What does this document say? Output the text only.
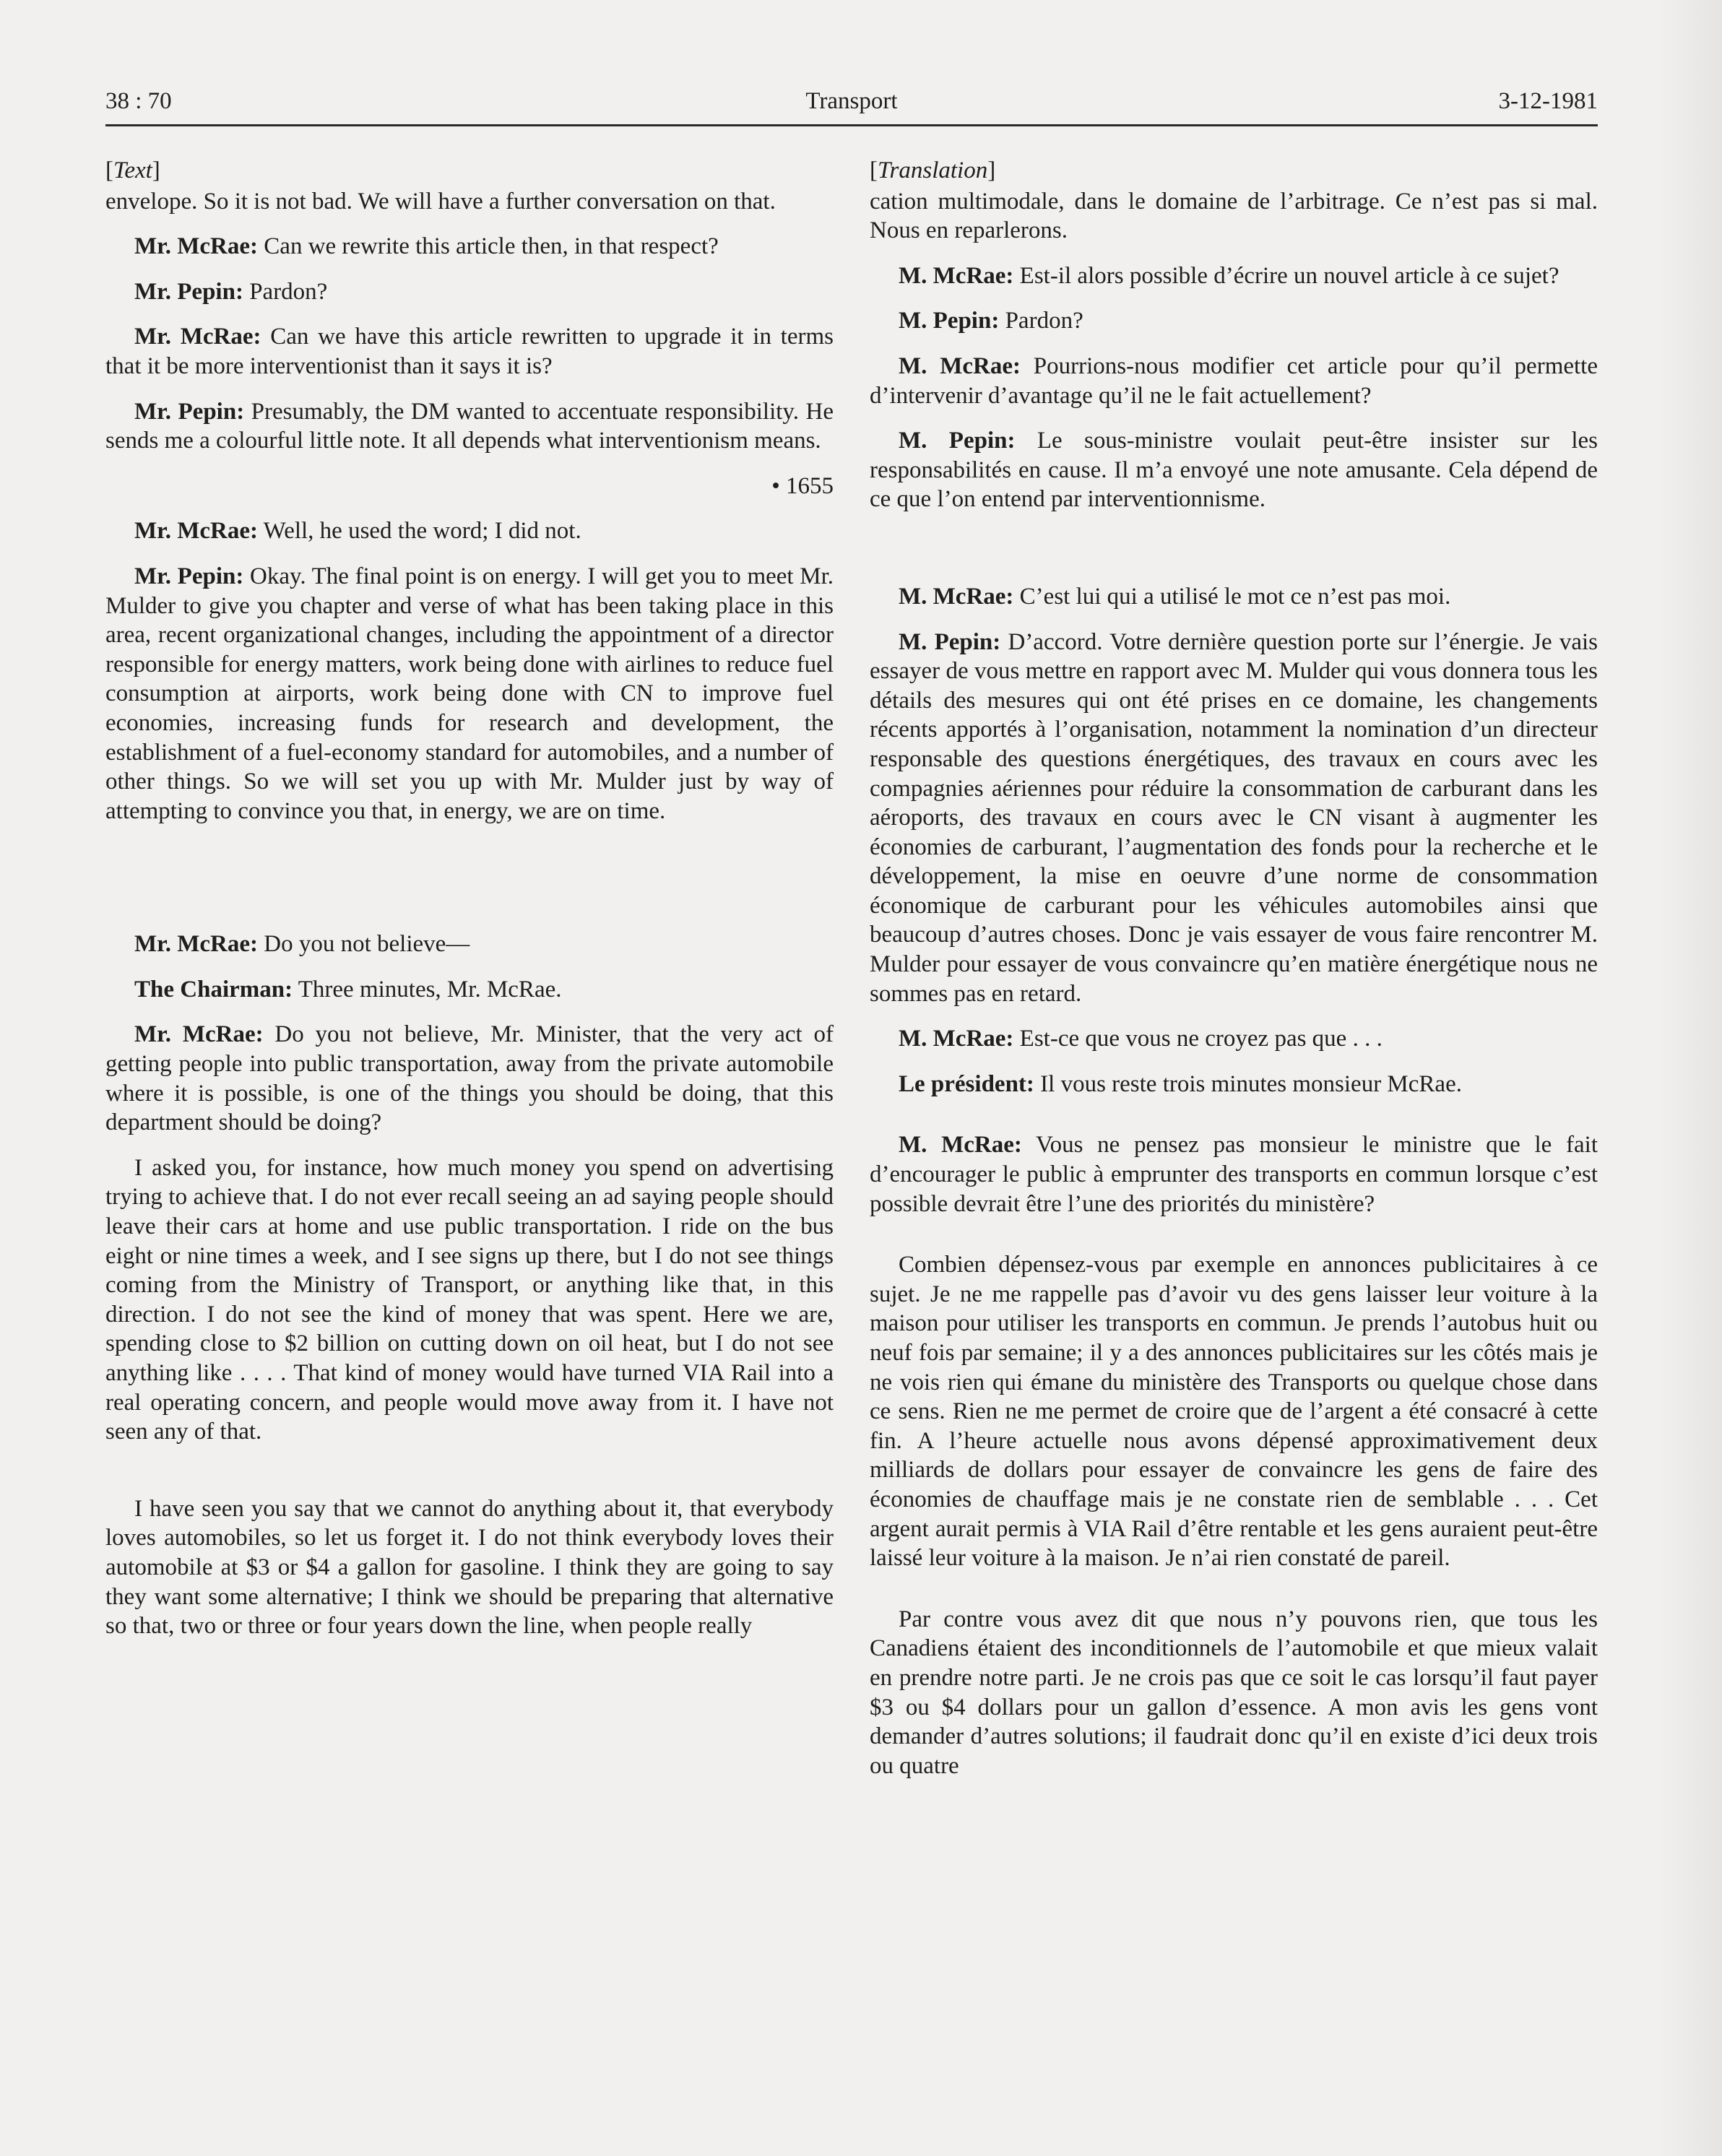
38 : 70	Transport	3-12-1981

[Text]

envelope. So it is not bad. We will have a further conversation on that.

Mr. McRae: Can we rewrite this article then, in that respect?

Mr. Pepin: Pardon?

Mr. McRae: Can we have this article rewritten to upgrade it in terms that it be more interventionist than it says it is?

Mr. Pepin: Presumably, the DM wanted to accentuate responsibility. He sends me a colourful little note. It all depends what interventionism means.

• 1655

Mr. McRae: Well, he used the word; I did not.

Mr. Pepin: Okay. The final point is on energy. I will get you to meet Mr. Mulder to give you chapter and verse of what has been taking place in this area, recent organizational changes, including the appointment of a director responsible for energy matters, work being done with airlines to reduce fuel consumption at airports, work being done with CN to improve fuel economies, increasing funds for research and development, the establishment of a fuel-economy standard for automobiles, and a number of other things. So we will set you up with Mr. Mulder just by way of attempting to convince you that, in energy, we are on time.

Mr. McRae: Do you not believe—

The Chairman: Three minutes, Mr. McRae.

Mr. McRae: Do you not believe, Mr. Minister, that the very act of getting people into public transportation, away from the private automobile where it is possible, is one of the things you should be doing, that this department should be doing?

I asked you, for instance, how much money you spend on advertising trying to achieve that. I do not ever recall seeing an ad saying people should leave their cars at home and use public transportation. I ride on the bus eight or nine times a week, and I see signs up there, but I do not see things coming from the Ministry of Transport, or anything like that, in this direction. I do not see the kind of money that was spent. Here we are, spending close to $2 billion on cutting down on oil heat, but I do not see anything like . . . . That kind of money would have turned VIA Rail into a real operating concern, and people would move away from it. I have not seen any of that.

I have seen you say that we cannot do anything about it, that everybody loves automobiles, so let us forget it. I do not think everybody loves their automobile at $3 or $4 a gallon for gasoline. I think they are going to say they want some alternative; I think we should be preparing that alternative so that, two or three or four years down the line, when people really

[Translation]

cation multimodale, dans le domaine de l’arbitrage. Ce n’est pas si mal. Nous en reparlerons.

M. McRae: Est-il alors possible d’écrire un nouvel article à ce sujet?

M. Pepin: Pardon?

M. McRae: Pourrions-nous modifier cet article pour qu’il permette d’intervenir d’avantage qu’il ne le fait actuellement?

M. Pepin: Le sous-ministre voulait peut-être insister sur les responsabilités en cause. Il m’a envoyé une note amusante. Cela dépend de ce que l’on entend par interventionnisme.

M. McRae: C’est lui qui a utilisé le mot ce n’est pas moi.

M. Pepin: D’accord. Votre dernière question porte sur l’énergie. Je vais essayer de vous mettre en rapport avec M. Mulder qui vous donnera tous les détails des mesures qui ont été prises en ce domaine, les changements récents apportés à l’organisation, notamment la nomination d’un directeur responsable des questions énergétiques, des travaux en cours avec les compagnies aériennes pour réduire la consommation de carburant dans les aéroports, des travaux en cours avec le CN visant à augmenter les économies de carburant, l’augmentation des fonds pour la recherche et le développement, la mise en oeuvre d’une norme de consommation économique de carburant pour les véhicules automobiles ainsi que beaucoup d’autres choses. Donc je vais essayer de vous faire rencontrer M. Mulder pour essayer de vous convaincre qu’en matière énergétique nous ne sommes pas en retard.

M. McRae: Est-ce que vous ne croyez pas que . . .

Le président: Il vous reste trois minutes monsieur McRae.

M. McRae: Vous ne pensez pas monsieur le ministre que le fait d’encourager le public à emprunter des transports en commun lorsque c’est possible devrait être l’une des priorités du ministère?

Combien dépensez-vous par exemple en annonces publicitaires à ce sujet. Je ne me rappelle pas d’avoir vu des gens laisser leur voiture à la maison pour utiliser les transports en commun. Je prends l’autobus huit ou neuf fois par semaine; il y a des annonces publicitaires sur les côtés mais je ne vois rien qui émane du ministère des Transports ou quelque chose dans ce sens. Rien ne me permet de croire que de l’argent a été consacré à cette fin. A l’heure actuelle nous avons dépensé approximativement deux milliards de dollars pour essayer de convaincre les gens de faire des économies de chauffage mais je ne constate rien de semblable . . . Cet argent aurait permis à VIA Rail d’être rentable et les gens auraient peut-être laissé leur voiture à la maison. Je n’ai rien constaté de pareil.

Par contre vous avez dit que nous n’y pouvons rien, que tous les Canadiens étaient des inconditionnels de l’automobile et que mieux valait en prendre notre parti. Je ne crois pas que ce soit le cas lorsqu’il faut payer $3 ou $4 dollars pour un gallon d’essence. A mon avis les gens vont demander d’autres solutions; il faudrait donc qu’il en existe d’ici deux trois ou quatre
